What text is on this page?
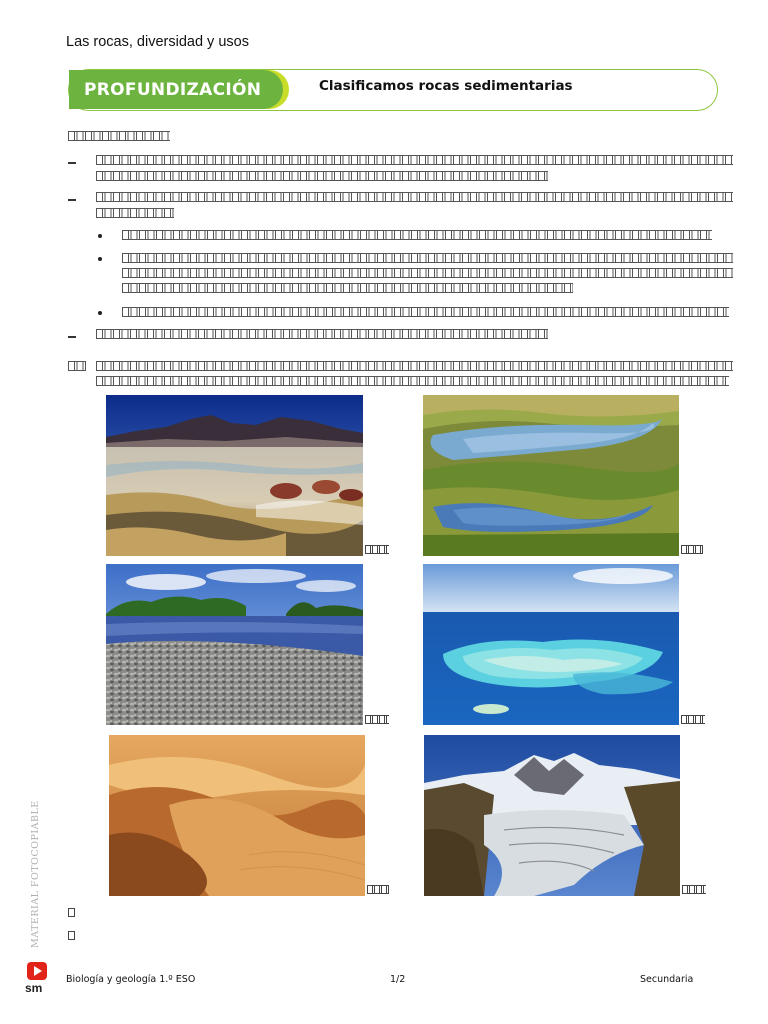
Las rocas, diversidad y usos
PROFUNDIZACIÓN	Clasificamos rocas sedimentarias
MATERIAL FOTOCOPIABLE
sm
Biología y geología 1.º ESO	1/2	Secundaria
